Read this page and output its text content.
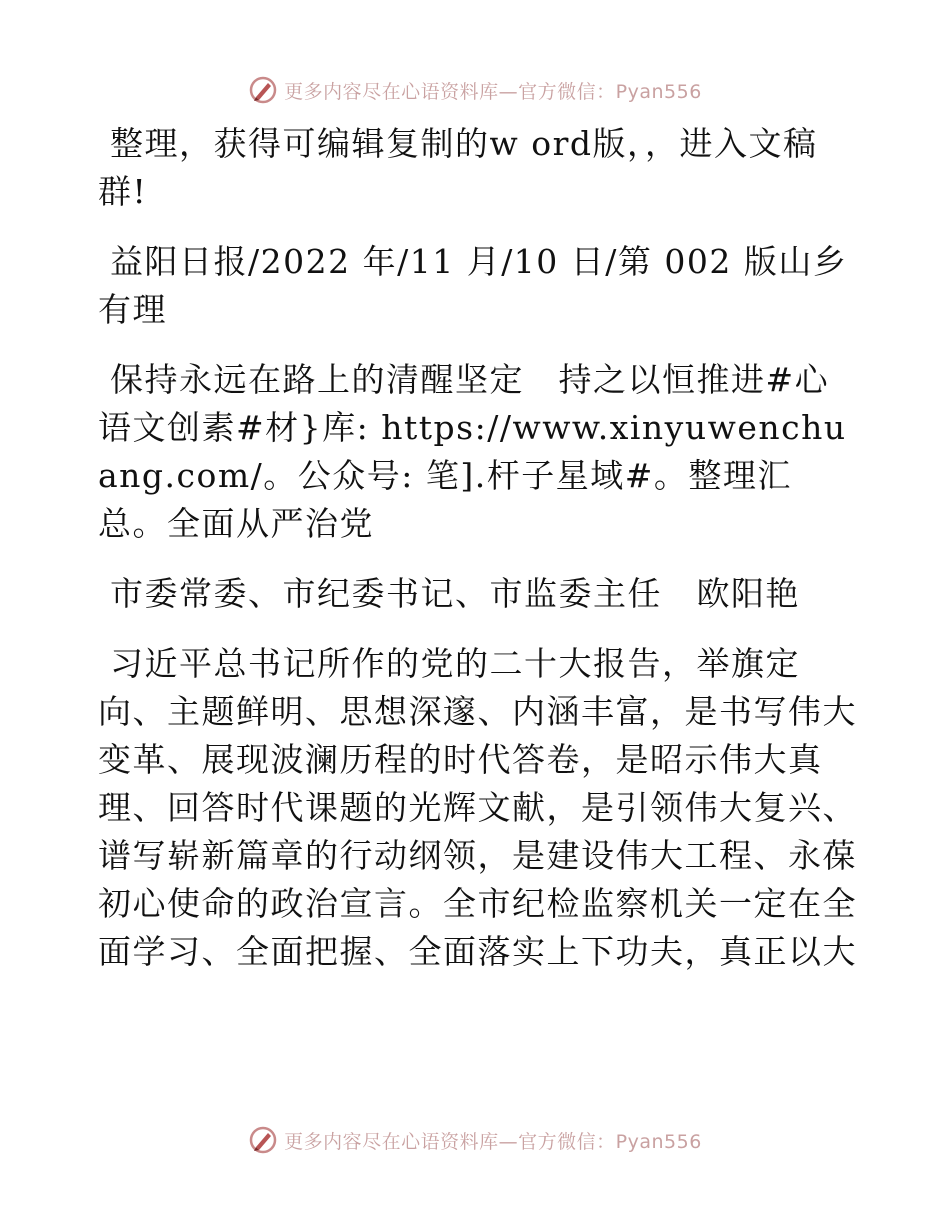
更多内容尽在心语资料库—官方微信：Pyan556

整理，获得可编辑复制的w ord版，，进入文稿群!

益阳日报/2022 年/11 月/10 日/第 002 版山乡有理

保持永远在路上的清醒坚定　持之以恒推进#心语文创素#材}库: https://www.xinyuwenchuang.com/。公众号: 笔].杆子星域#。整理汇总。全面从严治党

市委常委、市纪委书记、市监委主任　欧阳艳

习近平总书记所作的党的二十大报告，举旗定向、主题鲜明、思想深邃、内涵丰富，是书写伟大变革、展现波澜历程的时代答卷，是昭示伟大真理、回答时代课题的光辉文献，是引领伟大复兴、谱写崭新篇章的行动纲领，是建设伟大工程、永葆初心使命的政治宣言。全市纪检监察机关一定在全面学习、全面把握、全面落实上下功夫，真正以大

更多内容尽在心语资料库—官方微信：Pyan556
